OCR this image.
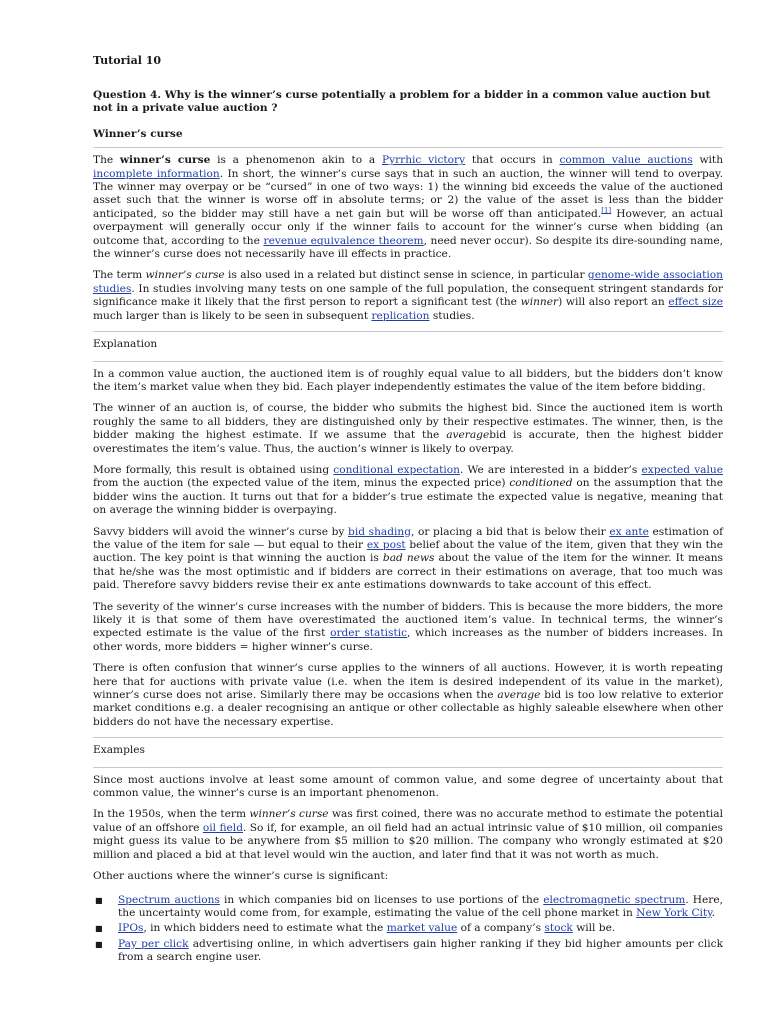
Tutorial 10
Question 4. Why is the winner’s curse potentially a problem for a bidder in a common value auction but not in a private value auction ?
Winner’s curse

The winner’s curse is a phenomenon akin to a Pyrrhic victory that occurs in common value auctions with incomplete information. In short, the winner’s curse says that in such an auction, the winner will tend to overpay. The winner may overpay or be “cursed” in one of two ways: 1) the winning bid exceeds the value of the auctioned asset such that the winner is worse off in absolute terms; or 2) the value of the asset is less than the bidder anticipated, so the bidder may still have a net gain but will be worse off than anticipated.[1] However, an actual overpayment will generally occur only if the winner fails to account for the winner’s curse when bidding (an outcome that, according to the revenue equivalence theorem, need never occur). So despite its dire-sounding name, the winner’s curse does not necessarily have ill effects in practice.

The term winner’s curse is also used in a related but distinct sense in science, in particular genome-wide association studies. In studies involving many tests on one sample of the full population, the consequent stringent standards for significance make it likely that the first person to report a significant test (the winner) will also report an effect size much larger than is likely to be seen in subsequent replication studies.

Explanation

In a common value auction, the auctioned item is of roughly equal value to all bidders, but the bidders don’t know the item’s market value when they bid. Each player independently estimates the value of the item before bidding.

The winner of an auction is, of course, the bidder who submits the highest bid. Since the auctioned item is worth roughly the same to all bidders, they are distinguished only by their respective estimates. The winner, then, is the bidder making the highest estimate. If we assume that the averagebid is accurate, then the highest bidder overestimates the item’s value. Thus, the auction’s winner is likely to overpay.

More formally, this result is obtained using conditional expectation. We are interested in a bidder’s expected value from the auction (the expected value of the item, minus the expected price) conditioned on the assumption that the bidder wins the auction. It turns out that for a bidder’s true estimate the expected value is negative, meaning that on average the winning bidder is overpaying.

Savvy bidders will avoid the winner’s curse by bid shading, or placing a bid that is below their ex ante estimation of the value of the item for sale — but equal to their ex post belief about the value of the item, given that they win the auction. The key point is that winning the auction is bad news about the value of the item for the winner. It means that he/she was the most optimistic and if bidders are correct in their estimations on average, that too much was paid. Therefore savvy bidders revise their ex ante estimations downwards to take account of this effect.

The severity of the winner’s curse increases with the number of bidders. This is because the more bidders, the more likely it is that some of them have overestimated the auctioned item’s value. In technical terms, the winner’s expected estimate is the value of the first order statistic, which increases as the number of bidders increases. In other words, more bidders = higher winner’s curse.

There is often confusion that winner’s curse applies to the winners of all auctions. However, it is worth repeating here that for auctions with private value (i.e. when the item is desired independent of its value in the market), winner’s curse does not arise. Similarly there may be occasions when the average bid is too low relative to exterior market conditions e.g. a dealer recognising an antique or other collectable as highly saleable elsewhere when other bidders do not have the necessary expertise.

Examples

Since most auctions involve at least some amount of common value, and some degree of uncertainty about that common value, the winner’s curse is an important phenomenon.

In the 1950s, when the term winner’s curse was first coined, there was no accurate method to estimate the potential value of an offshore oil field. So if, for example, an oil field had an actual intrinsic value of $10 million, oil companies might guess its value to be anywhere from $5 million to $20 million. The company who wrongly estimated at $20 million and placed a bid at that level would win the auction, and later find that it was not worth as much.

Other auctions where the winner’s curse is significant:

■ Spectrum auctions in which companies bid on licenses to use portions of the electromagnetic spectrum. Here, the uncertainty would come from, for example, estimating the value of the cell phone market in New York City.
■ IPOs, in which bidders need to estimate what the market value of a company’s stock will be.
■ Pay per click advertising online, in which advertisers gain higher ranking if they bid higher amounts per click from a search engine user.
